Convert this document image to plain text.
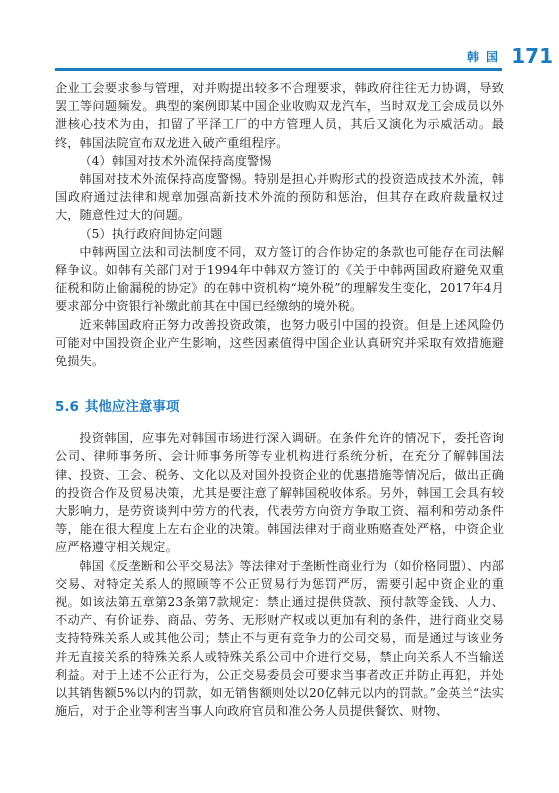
韩国 171

企业工会要求参与管理，对并购提出较多不合理要求，韩政府往往无力协调，导致罢工等问题频发。典型的案例即某中国企业收购双龙汽车，当时双龙工会成员以外泄核心技术为由，扣留了平泽工厂的中方管理人员，其后又演化为示威活动。最终，韩国法院宣布双龙进入破产重组程序。

（4）韩国对技术外流保持高度警惕

韩国对技术外流保持高度警惕。特别是担心并购形式的投资造成技术外流，韩国政府通过法律和规章加强高新技术外流的预防和惩治，但其存在政府裁量权过大，随意性过大的问题。

（5）执行政府间协定问题

中韩两国立法和司法制度不同，双方签订的合作协定的条款也可能存在司法解释争议。如韩有关部门对于1994年中韩双方签订的《关于中韩两国政府避免双重征税和防止偷漏税的协定》的在韩中资机构“境外税”的理解发生变化，2017年4月要求部分中资银行补缴此前其在中国已经缴纳的境外税。

近来韩国政府正努力改善投资政策，也努力吸引中国的投资。但是上述风险仍可能对中国投资企业产生影响，这些因素值得中国企业认真研究并采取有效措施避免损失。

5.6 其他应注意事项

投资韩国，应事先对韩国市场进行深入调研。在条件允许的情况下，委托咨询公司、律师事务所、会计师事务所等专业机构进行系统分析，在充分了解韩国法律、投资、工会、税务、文化以及对国外投资企业的优惠措施等情况后，做出正确的投资合作及贸易决策，尤其是要注意了解韩国税收体系。另外，韩国工会具有较大影响力，是劳资谈判中劳方的代表，代表劳方向资方争取工资、福利和劳动条件等，能在很大程度上左右企业的决策。韩国法律对于商业贿赂查处严格，中资企业应严格遵守相关规定。

韩国《反垄断和公平交易法》等法律对于垄断性商业行为（如价格同盟）、内部交易、对特定关系人的照顾等不公正贸易行为惩罚严厉，需要引起中资企业的重视。如该法第五章第23条第7款规定：禁止通过提供贷款、预付款等金钱、人力、不动产、有价证券、商品、劳务、无形财产权或以更加有利的条件，进行商业交易支持特殊关系人或其他公司；禁止不与更有竞争力的公司交易，而是通过与该业务并无直接关系的特殊关系人或特殊关系公司中介进行交易，禁止向关系人不当输送利益。对于上述不公正行为，公正交易委员会可要求当事者改正并防止再犯，并处以其销售额5%以内的罚款，如无销售额则处以20亿韩元以内的罚款。”金英兰“法实施后，对于企业等利害当事人向政府官员和准公务人员提供餐饮、财物、
